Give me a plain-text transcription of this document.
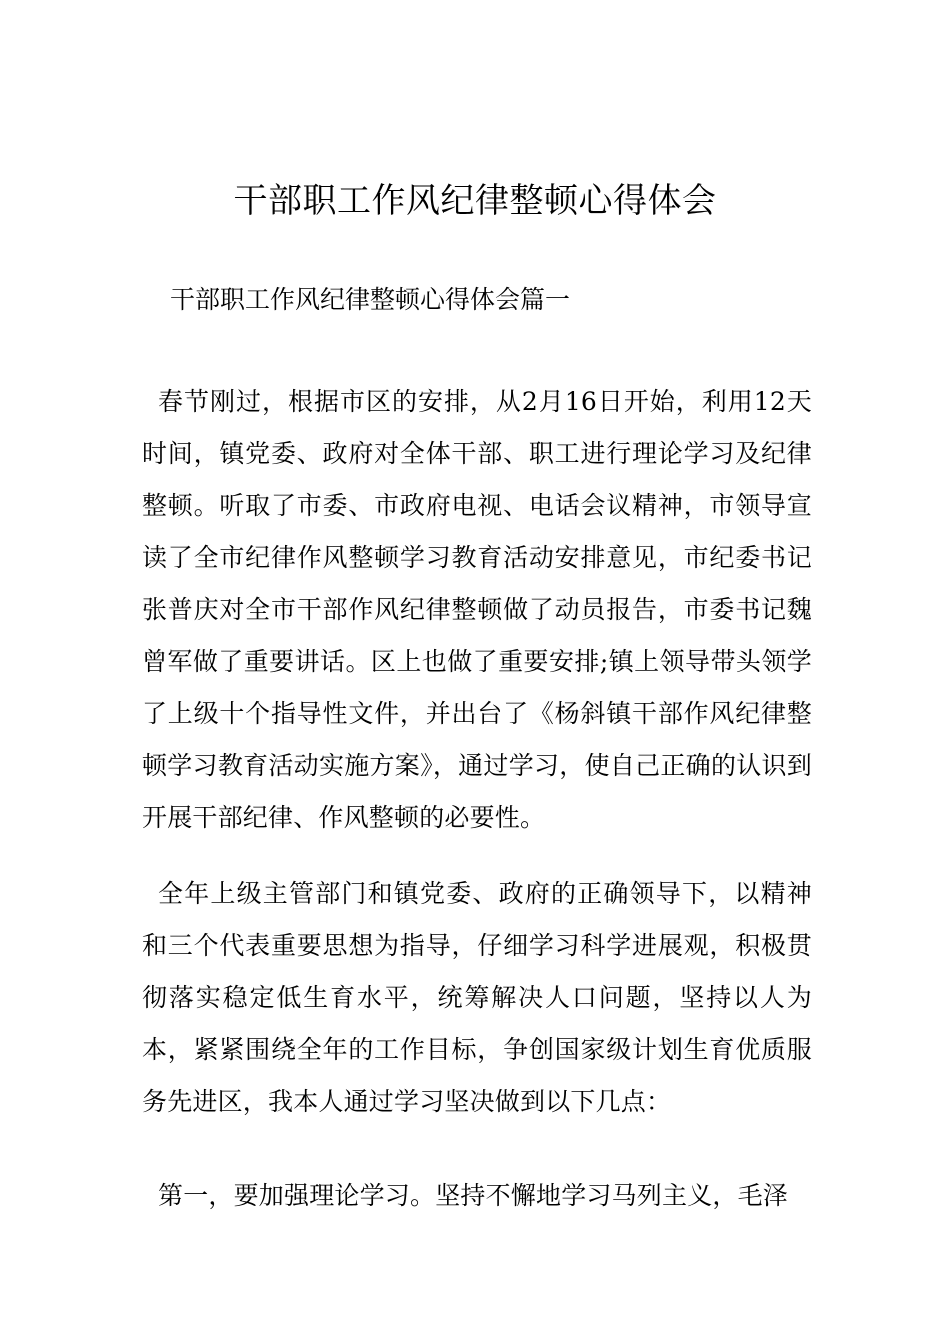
干部职工作风纪律整顿心得体会

干部职工作风纪律整顿心得体会篇一

春节刚过，根据市区的安排，从2月16日开始，利用12天时间，镇党委、政府对全体干部、职工进行理论学习及纪律整顿。听取了市委、市政府电视、电话会议精神，市领导宣读了全市纪律作风整顿学习教育活动安排意见，市纪委书记张普庆对全市干部作风纪律整顿做了动员报告，市委书记魏曾军做了重要讲话。区上也做了重要安排;镇上领导带头领学了上级十个指导性文件，并出台了《杨斜镇干部作风纪律整顿学习教育活动实施方案》，通过学习，使自己正确的认识到开展干部纪律、作风整顿的必要性。

全年上级主管部门和镇党委、政府的正确领导下，以精神和三个代表重要思想为指导，仔细学习科学进展观，积极贯彻落实稳定低生育水平，统筹解决人口问题，坚持以人为本，紧紧围绕全年的工作目标，争创国家级计划生育优质服务先进区，我本人通过学习坚决做到以下几点：

第一，要加强理论学习。坚持不懈地学习马列主义，毛泽
